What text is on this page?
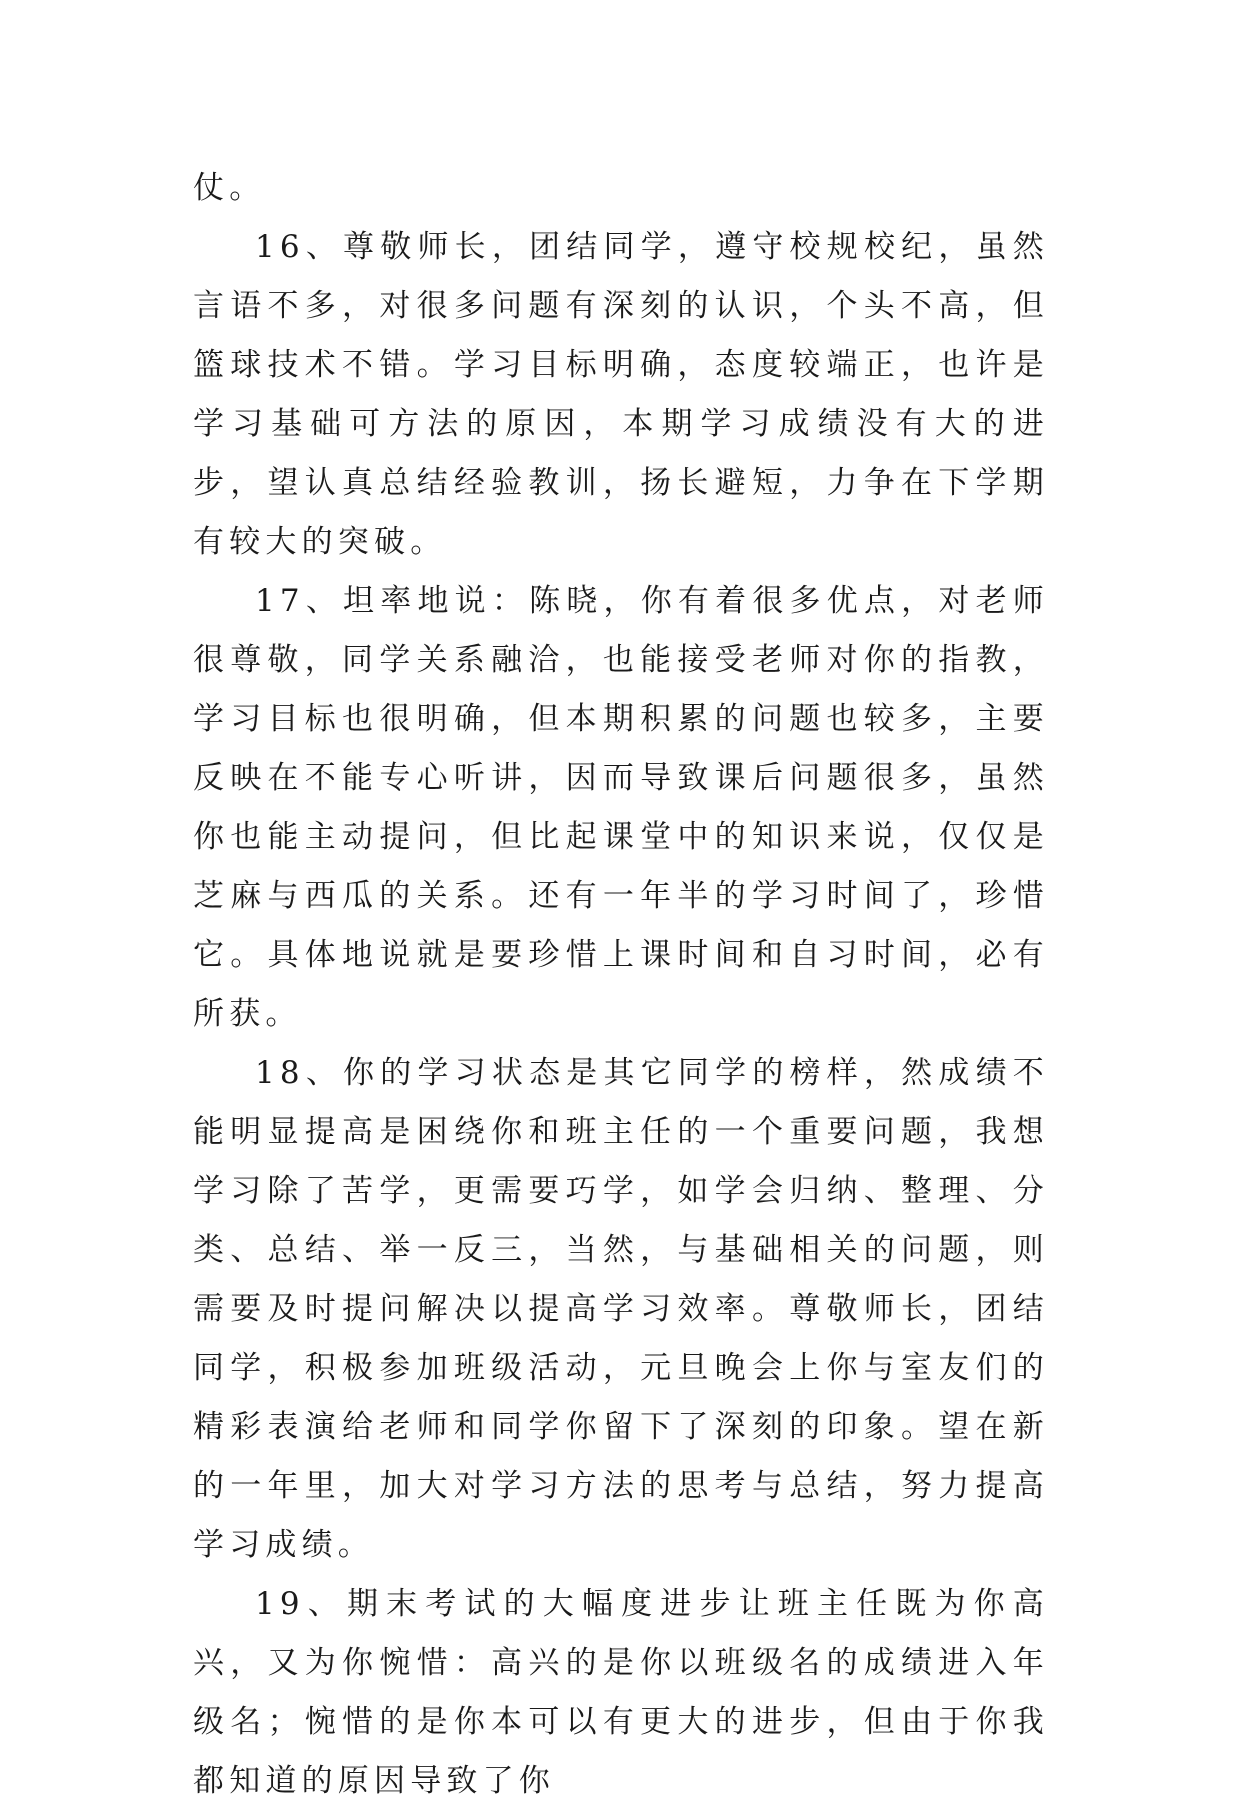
仗。

16、尊敬师长，团结同学，遵守校规校纪，虽然言语不多，对很多问题有深刻的认识，个头不高，但篮球技术不错。学习目标明确，态度较端正，也许是学习基础可方法的原因，本期学习成绩没有大的进步，望认真总结经验教训，扬长避短，力争在下学期有较大的突破。

17、坦率地说：陈晓，你有着很多优点，对老师很尊敬，同学关系融洽，也能接受老师对你的指教，学习目标也很明确，但本期积累的问题也较多，主要反映在不能专心听讲，因而导致课后问题很多，虽然你也能主动提问，但比起课堂中的知识来说，仅仅是芝麻与西瓜的关系。还有一年半的学习时间了，珍惜它。具体地说就是要珍惜上课时间和自习时间，必有所获。

18、你的学习状态是其它同学的榜样，然成绩不能明显提高是困绕你和班主任的一个重要问题，我想学习除了苦学，更需要巧学，如学会归纳、整理、分类、总结、举一反三，当然，与基础相关的问题，则需要及时提问解决以提高学习效率。尊敬师长，团结同学，积极参加班级活动，元旦晚会上你与室友们的精彩表演给老师和同学你留下了深刻的印象。望在新的一年里，加大对学习方法的思考与总结，努力提高学习成绩。

19、期末考试的大幅度进步让班主任既为你高兴，又为你惋惜：高兴的是你以班级名的成绩进入年级名；惋惜的是你本可以有更大的进步，但由于你我都知道的原因导致了你
